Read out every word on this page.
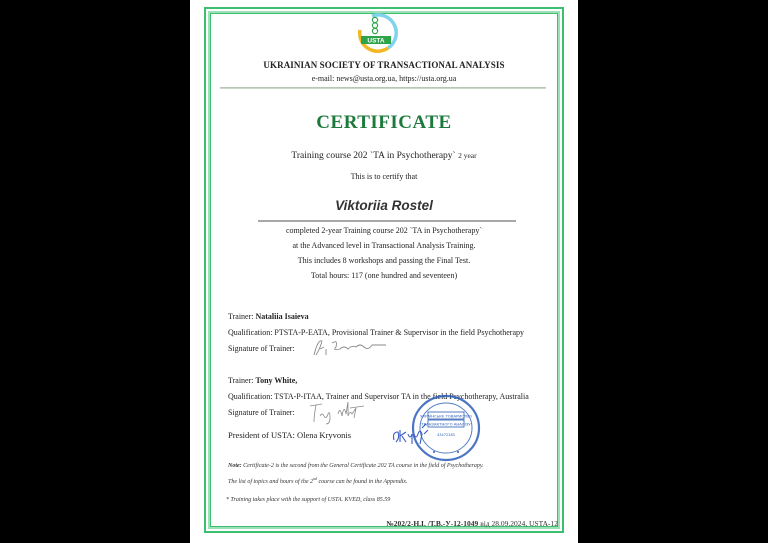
USTA
UKRAINIAN SOCIETY OF TRANSACTIONAL ANALYSIS
e-mail: news@usta.org.ua, https://usta.org.ua
CERTIFICATE
Training course 202 `TA in Psychotherapy` 2 year
This is to certify that
Viktoriia Rostel
completed 2-year Training course 202 `TA in Psychotherapy`
at the Advanced level in Transactional Analysis Training.
This includes 8 workshops and passing the Final Test.
Total hours: 117 (one hundred and seventeen)
Trainer: Nataliia Isaieva
Qualification: PTSTA-P-EATA, Provisional Trainer & Supervisor in the field Psychotherapy
Signature of Trainer:
Trainer: Tony White,
Qualification: TSTA-P-ITAA, Trainer and Supervisor TA in the field Psychotherapy, Australia
Signature of Trainer:	УКРАЇНСЬКЕ ТОВАРИСТВО
ТРАНЗАКТНОГО АНАЛІЗУ
43472283
President of USTA: Olena Kryvonis
Note: Certificate-2 is the second from the General Certificate 202 TA course in the field of Psychotherapy.
The list of topics and hours of the 2nd course can be found in the Appendix.
* Training takes place with the support of USTA. KVED, class 85.59
№202/2-Н.І. /Т.В.-У-12-1049 від 28.09.2024, USTA-12
